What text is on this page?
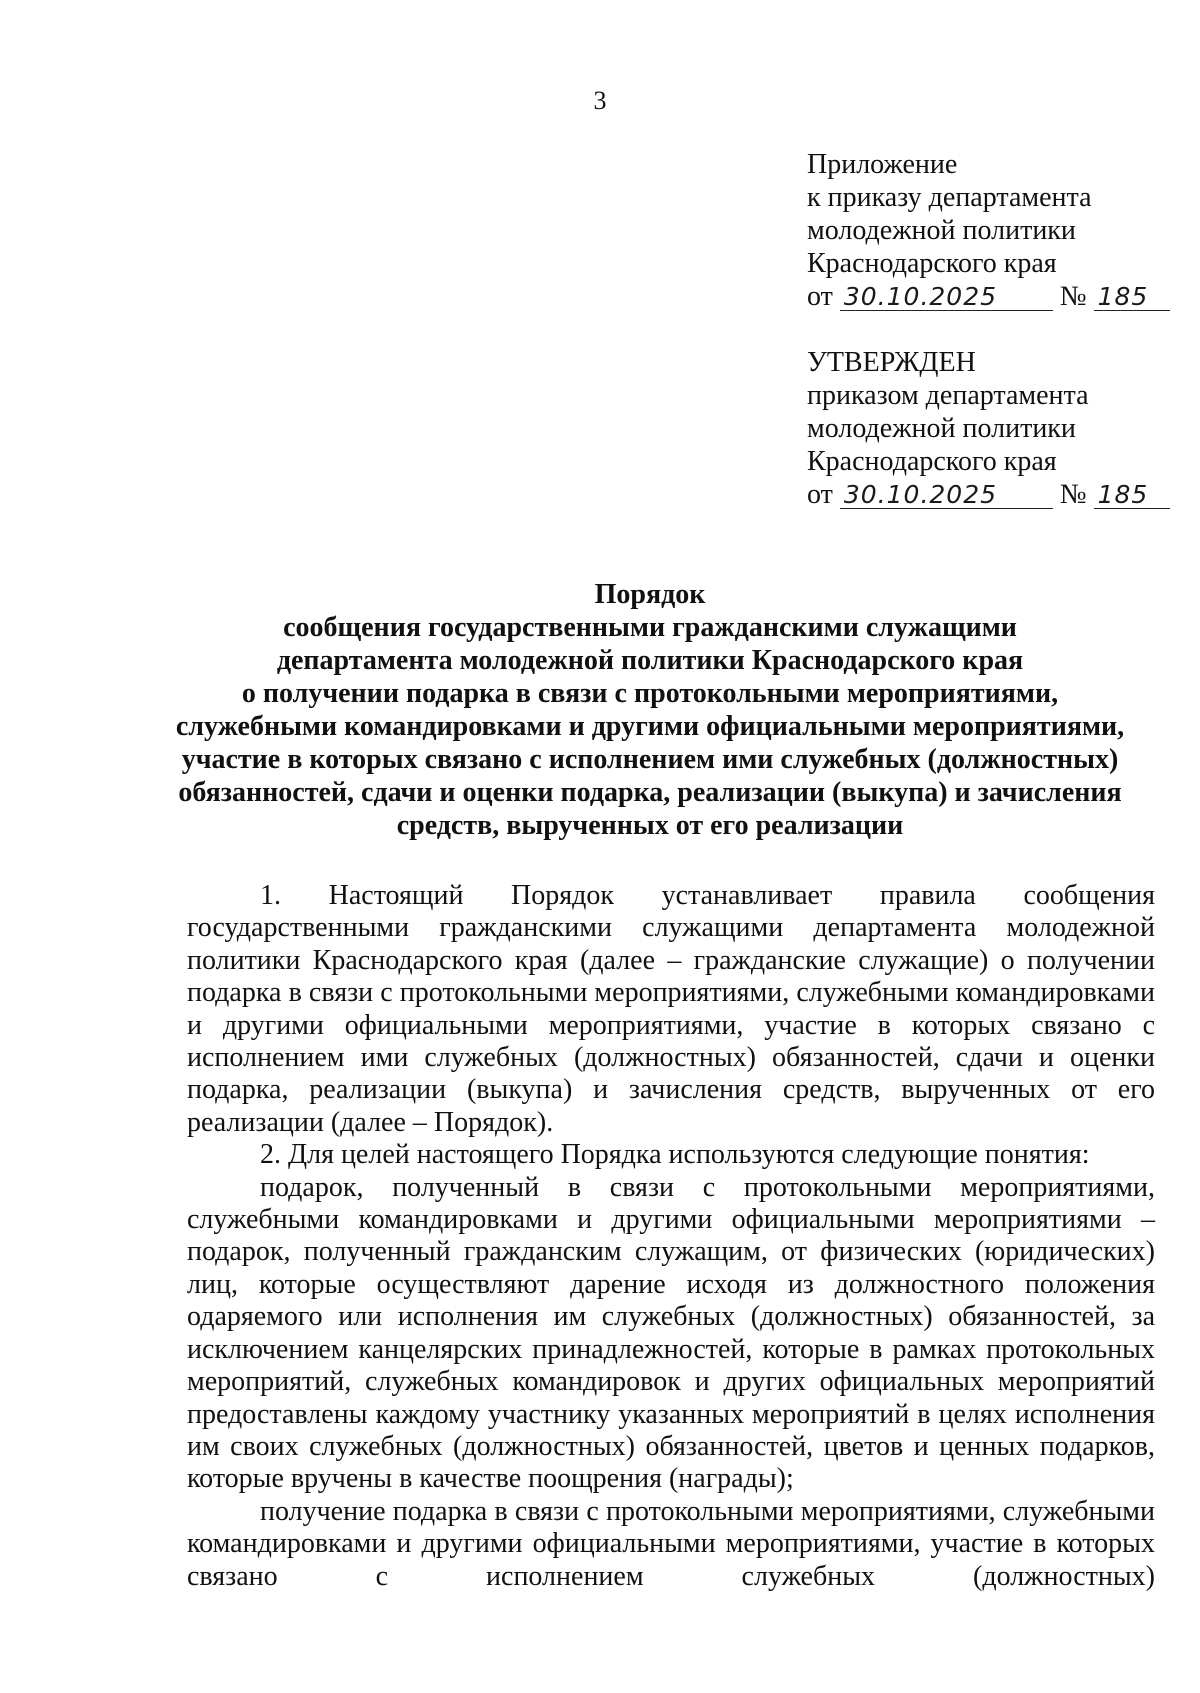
3
Приложение
к приказу департамента
молодежной политики
Краснодарского края
от 30.10.2025 № 185
УТВЕРЖДЕН
приказом департамента
молодежной политики
Краснодарского края
от 30.10.2025 № 185
Порядок
сообщения государственными гражданскими служащими
департамента молодежной политики Краснодарского края
о получении подарка в связи с протокольными мероприятиями,
служебными командировками и другими официальными мероприятиями,
участие в которых связано с исполнением ими служебных (должностных)
обязанностей, сдачи и оценки подарка, реализации (выкупа) и зачисления
средств, вырученных от его реализации

1. Настоящий Порядок устанавливает правила сообщения государственными гражданскими служащими департамента молодежной политики Краснодарского края (далее – гражданские служащие) о получении подарка в связи с протокольными мероприятиями, служебными командировками и другими официальными мероприятиями, участие в которых связано с исполнением ими служебных (должностных) обязанностей, сдачи и оценки подарка, реализации (выкупа) и зачисления средств, вырученных от его реализации (далее – Порядок).

2. Для целей настоящего Порядка используются следующие понятия:

подарок, полученный в связи с протокольными мероприятиями, служебными командировками и другими официальными мероприятиями – подарок, полученный гражданским служащим, от физических (юридических) лиц, которые осуществляют дарение исходя из должностного положения одаряемого или исполнения им служебных (должностных) обязанностей, за исключением канцелярских принадлежностей, которые в рамках протокольных мероприятий, служебных командировок и других официальных мероприятий предоставлены каждому участнику указанных мероприятий в целях исполнения им своих служебных (должностных) обязанностей, цветов и ценных подарков, которые вручены в качестве поощрения (награды);

получение подарка в связи с протокольными мероприятиями, служебными командировками и другими официальными мероприятиями, участие в которых связано с исполнением служебных (должностных)
